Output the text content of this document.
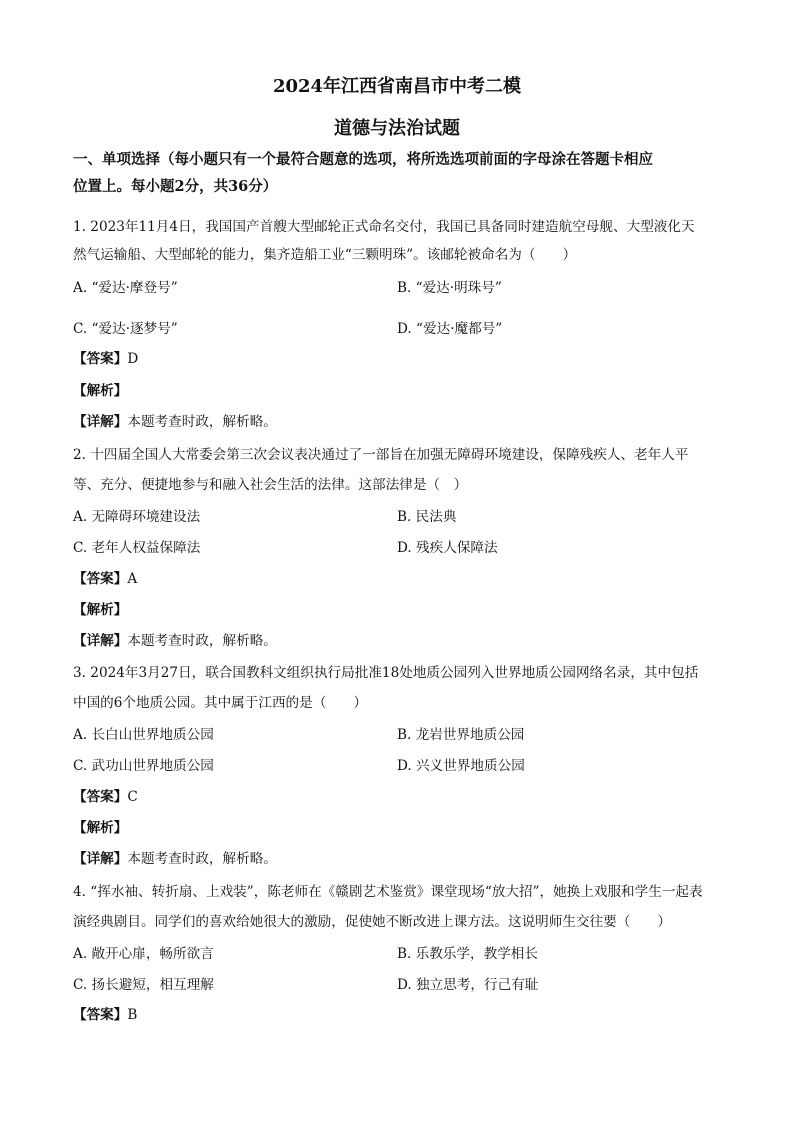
2024年江西省南昌市中考二模
道德与法治试题
一、单项选择（每小题只有一个最符合题意的选项，将所选选项前面的字母涂在答题卡相应
位置上。每小题2分，共36分）
1. 2023年11月4日，我国国产首艘大型邮轮正式命名交付，我国已具备同时建造航空母舰、大型液化天
然气运输船、大型邮轮的能力，集齐造船工业“三颗明珠”。该邮轮被命名为（　　）
A. “爱达·摩登号”	B. “爱达·明珠号”
C. “爱达·逐梦号”	D. “爱达·魔都号”
【答案】D
【解析】
【详解】本题考查时政，解析略。
2. 十四届全国人大常委会第三次会议表决通过了一部旨在加强无障碍环境建设，保障残疾人、老年人平
等、充分、便捷地参与和融入社会生活的法律。这部法律是（　）
A. 无障碍环境建设法	B. 民法典
C. 老年人权益保障法	D. 残疾人保障法
【答案】A
【解析】
【详解】本题考查时政，解析略。
3. 2024年3月27日，联合国教科文组织执行局批准18处地质公园列入世界地质公园网络名录，其中包括
中国的6个地质公园。其中属于江西的是（　　）
A. 长白山世界地质公园	B. 龙岩世界地质公园
C. 武功山世界地质公园	D. 兴义世界地质公园
【答案】C
【解析】
【详解】本题考查时政，解析略。
4. “挥水袖、转折扇、上戏装”，陈老师在《赣剧艺术鉴赏》课堂现场“放大招”，她换上戏服和学生一起表
演经典剧目。同学们的喜欢给她很大的激励，促使她不断改进上课方法。这说明师生交往要（　　）
A. 敞开心扉，畅所欲言	B. 乐教乐学，教学相长
C. 扬长避短，相互理解	D. 独立思考，行己有耻
【答案】B
